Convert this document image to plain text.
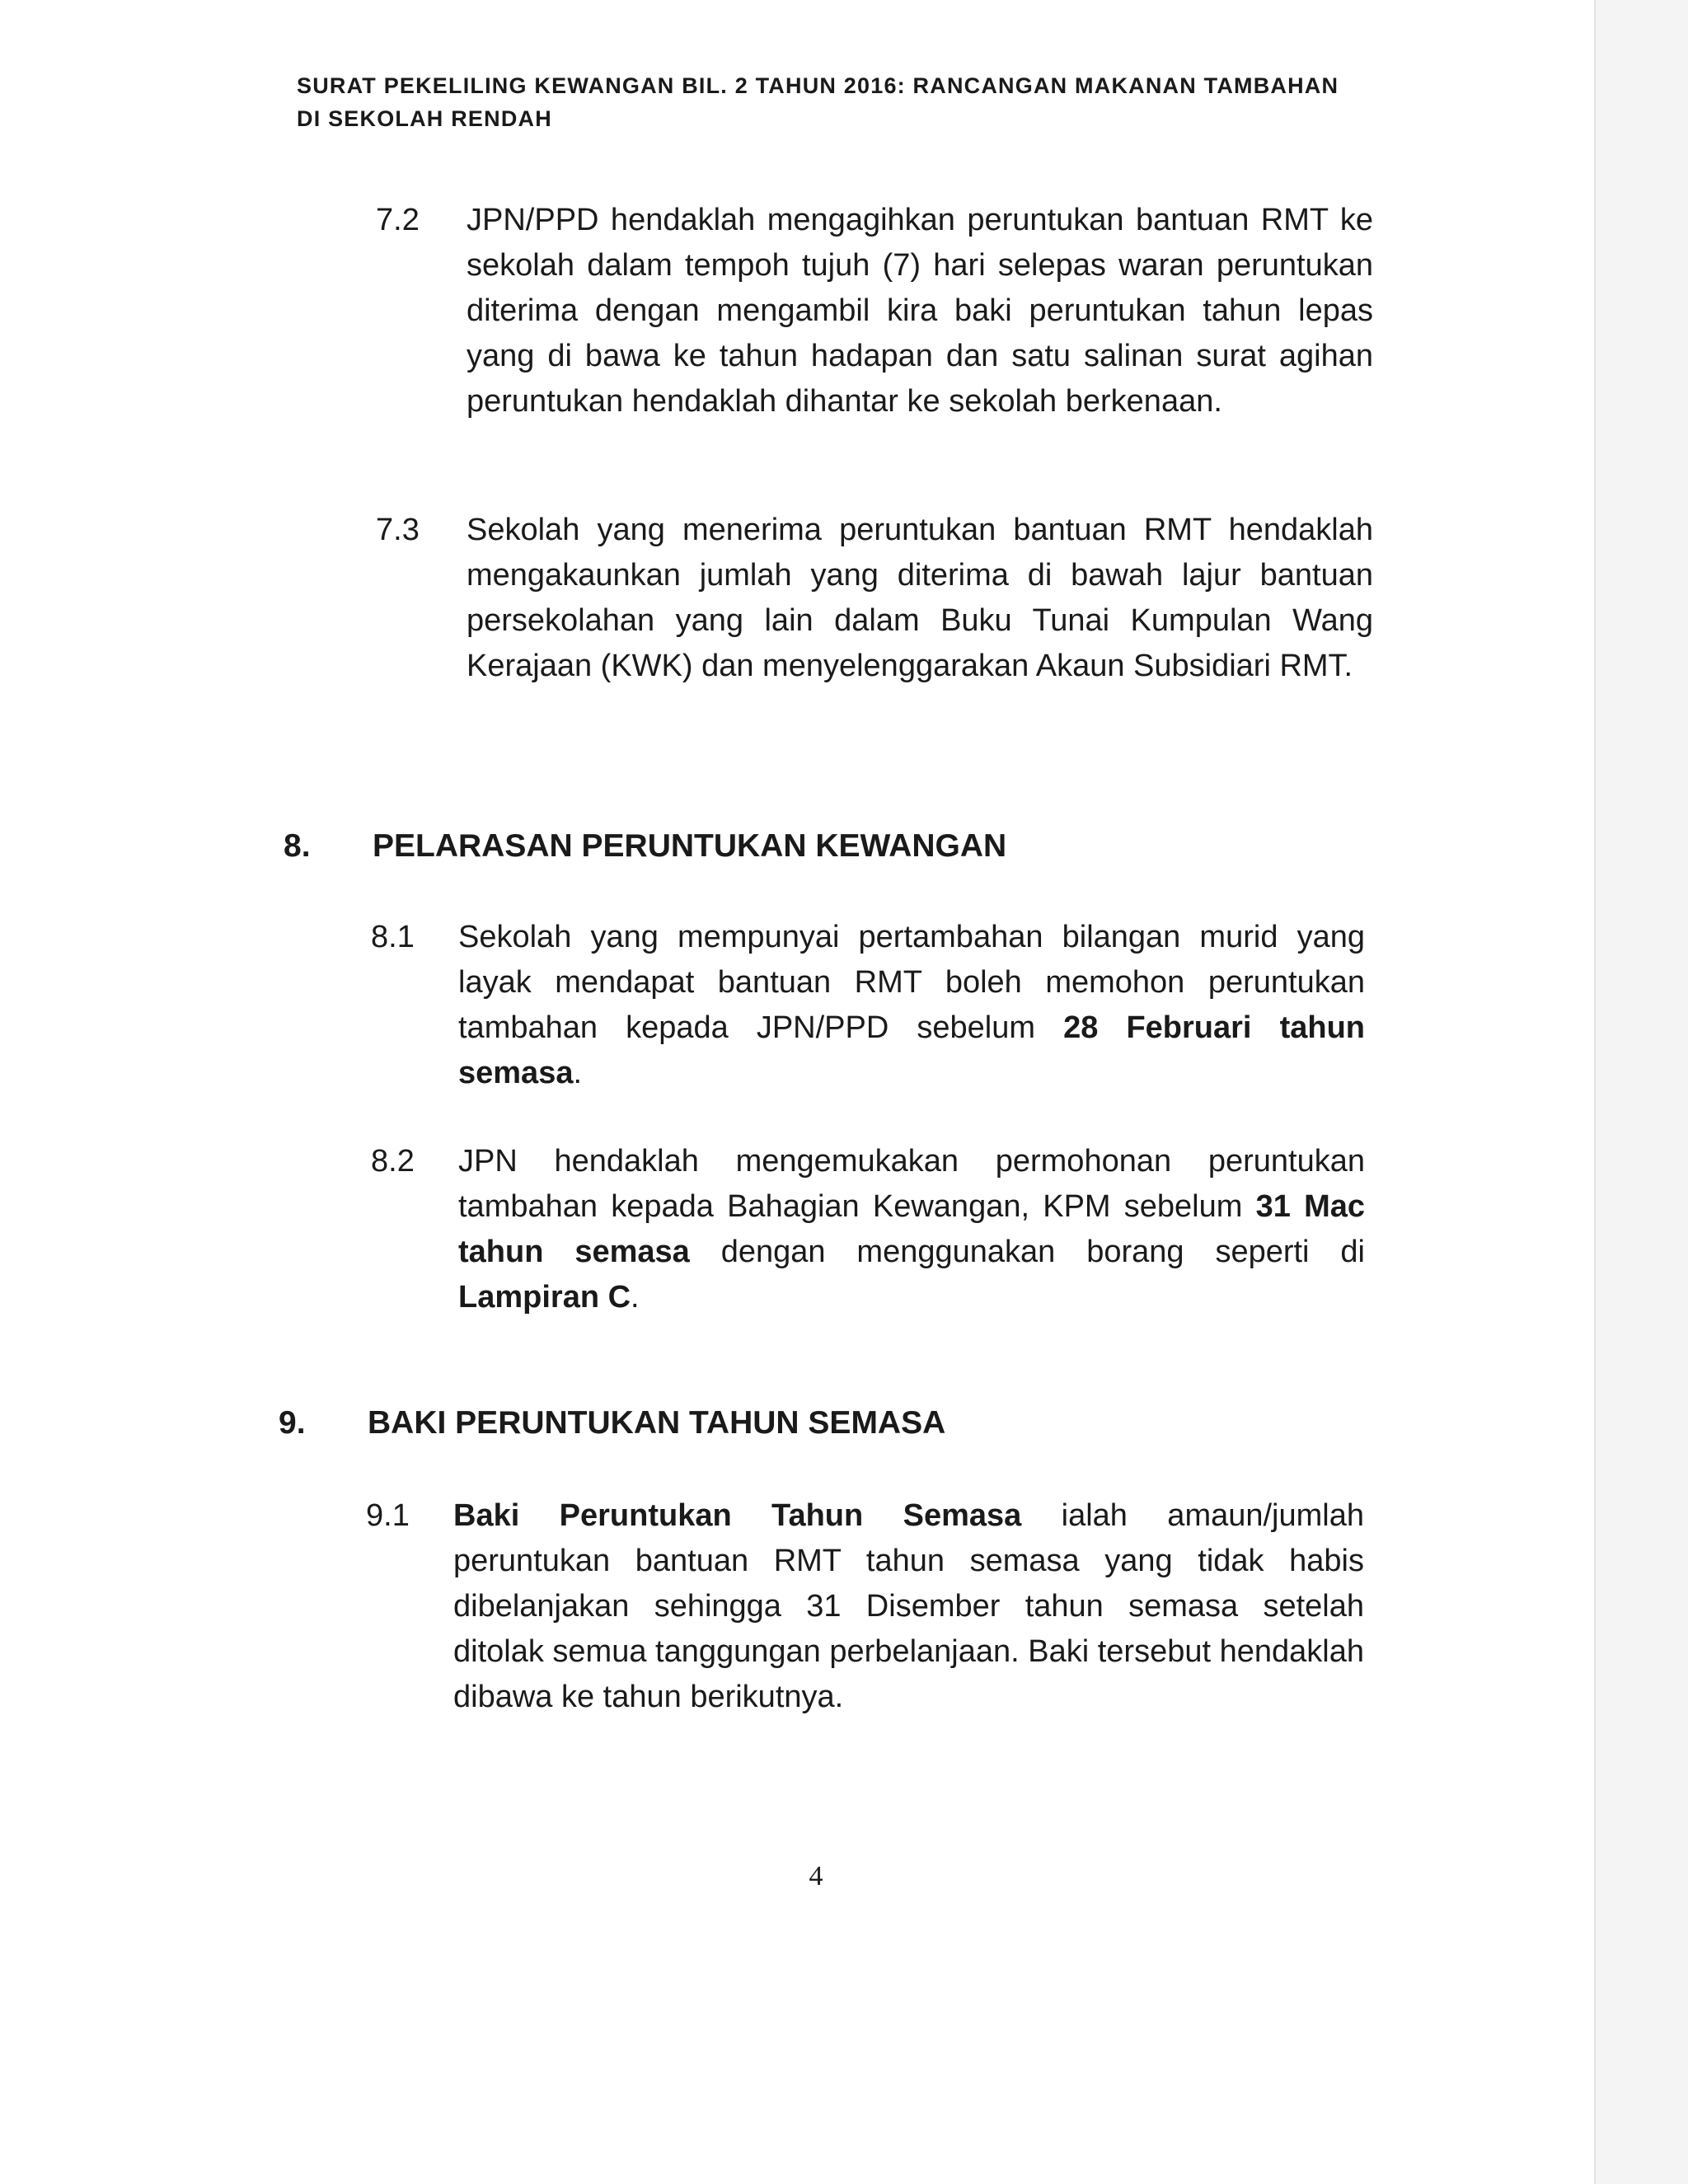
SURAT PEKELILING KEWANGAN BIL. 2 TAHUN 2016: RANCANGAN MAKANAN TAMBAHAN
DI SEKOLAH RENDAH
7.2 JPN/PPD hendaklah mengagihkan peruntukan bantuan RMT ke sekolah dalam tempoh tujuh (7) hari selepas waran peruntukan diterima dengan mengambil kira baki peruntukan tahun lepas yang di bawa ke tahun hadapan dan satu salinan surat agihan peruntukan hendaklah dihantar ke sekolah berkenaan.
7.3 Sekolah yang menerima peruntukan bantuan RMT hendaklah mengakaunkan jumlah yang diterima di bawah lajur bantuan persekolahan yang lain dalam Buku Tunai Kumpulan Wang Kerajaan (KWK) dan menyelenggarakan Akaun Subsidiari RMT.
8. PELARASAN PERUNTUKAN KEWANGAN
8.1 Sekolah yang mempunyai pertambahan bilangan murid yang layak mendapat bantuan RMT boleh memohon peruntukan tambahan kepada JPN/PPD sebelum 28 Februari tahun semasa.
8.2 JPN hendaklah mengemukakan permohonan peruntukan tambahan kepada Bahagian Kewangan, KPM sebelum 31 Mac tahun semasa dengan menggunakan borang seperti di Lampiran C.
9. BAKI PERUNTUKAN TAHUN SEMASA
9.1 Baki Peruntukan Tahun Semasa ialah amaun/jumlah peruntukan bantuan RMT tahun semasa yang tidak habis dibelanjakan sehingga 31 Disember tahun semasa setelah ditolak semua tanggungan perbelanjaan. Baki tersebut hendaklah dibawa ke tahun berikutnya.
4
